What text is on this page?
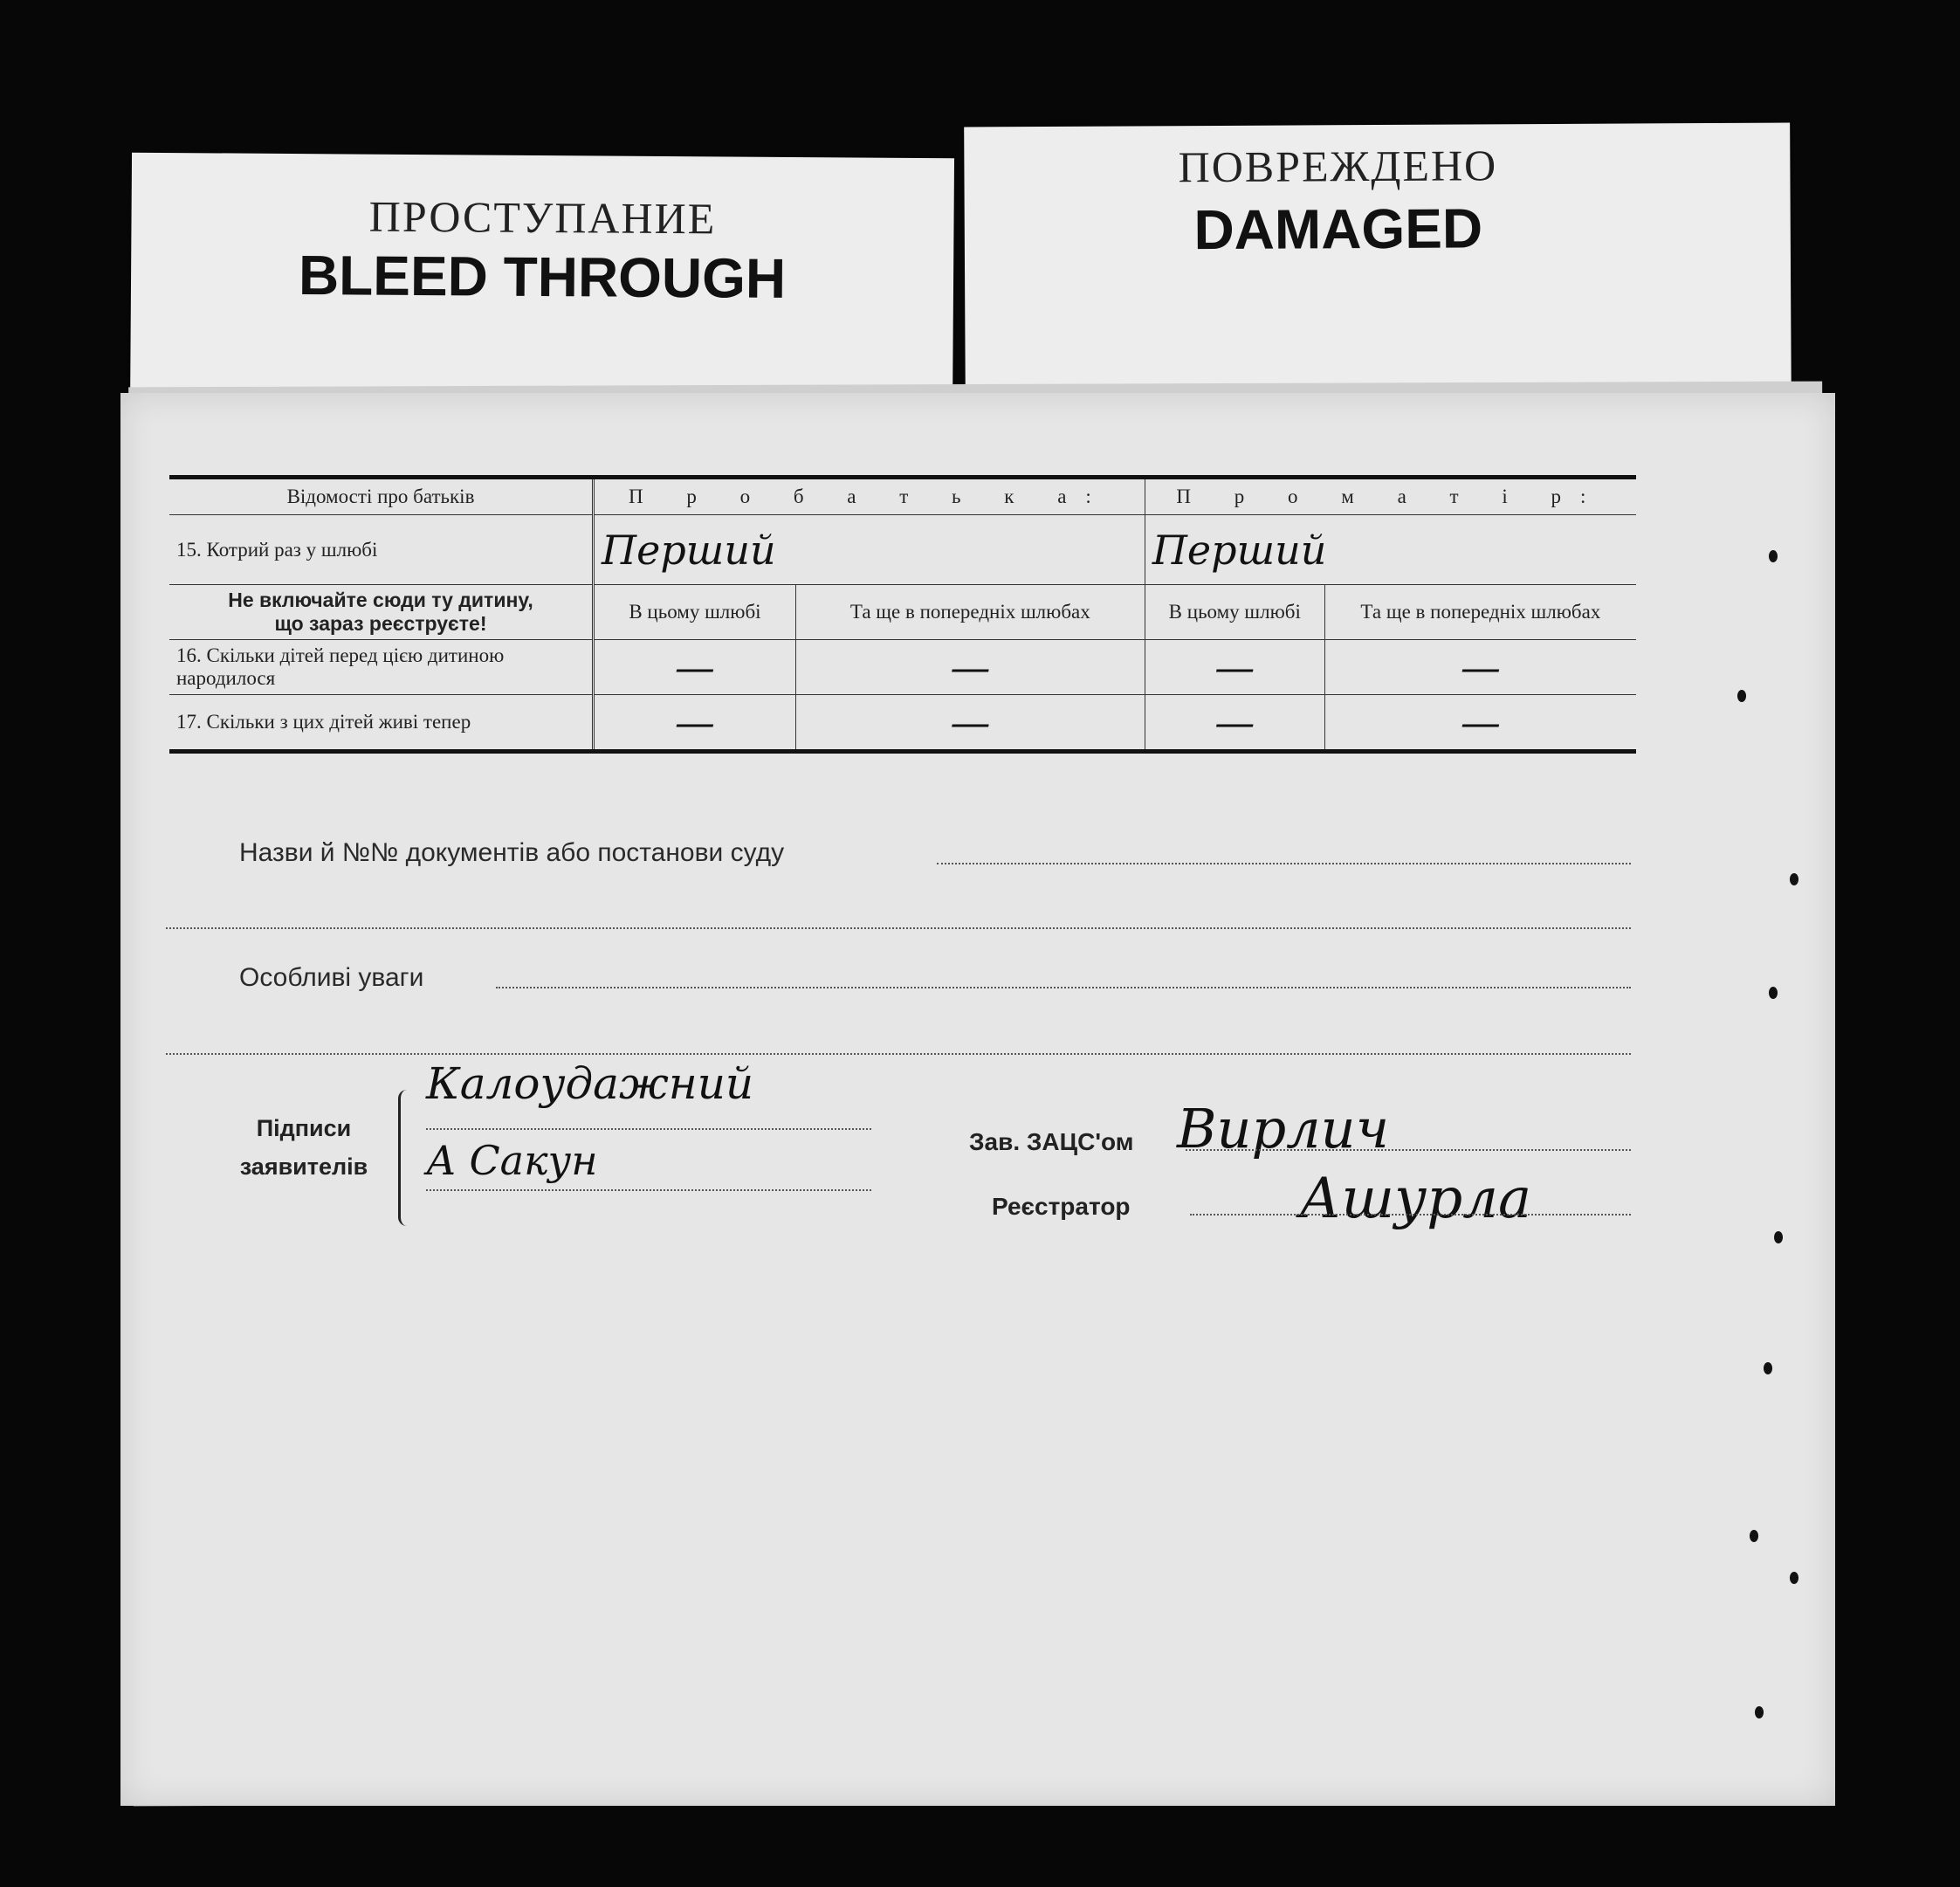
ПРОСТУПАНИЕ
BLEED THROUGH
ПОВРЕЖДЕНО
DAMAGED
Відомості про батьків	П р о б а т ь к а:		П р о м а т і р:	
15. Котрий раз у шлюбі	Перший		Перший	

Не включайте сюди ту дитину,
що зараз реєструєте!	В цьому шлюбі	Та ще в попередніх шлюбах	В цьому шлюбі	Та ще в попередніх шлюбах
16. Скільки дітей перед цією дитиною народилося	—	—	—	—
17. Скільки з цих дітей живі тепер	—	—	—	—
Назви й №№ документів або постанови суду
Особливі уваги
Підписи
заявителів
Калоудажний
А Сакун	Зав. ЗАЦС'ом Вирлич
Реєстратор	Ашурла
